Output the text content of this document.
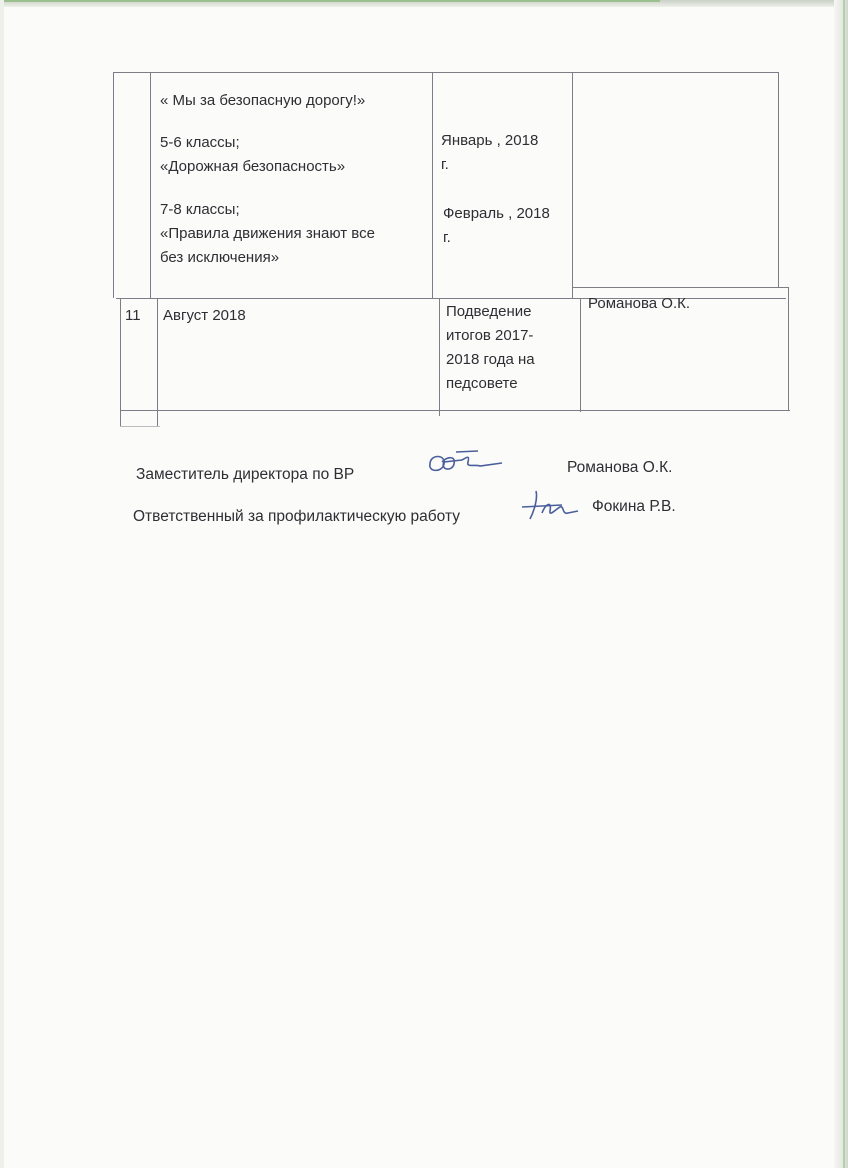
« Мы за безопасную дорогу!»
5-6 классы;
«Дорожная безопасность»
7-8 классы;
«Правила движения знают все
без исключения»
Январь , 2018
г.
Февраль , 2018
г.
11 Август 2018	Подведение
итогов 2017-
2018 года на
педсовете
Романова О.К.
Заместитель директора по ВР	Романова О.К.
Ответственный за профилактическую работу
Фокина Р.В.
